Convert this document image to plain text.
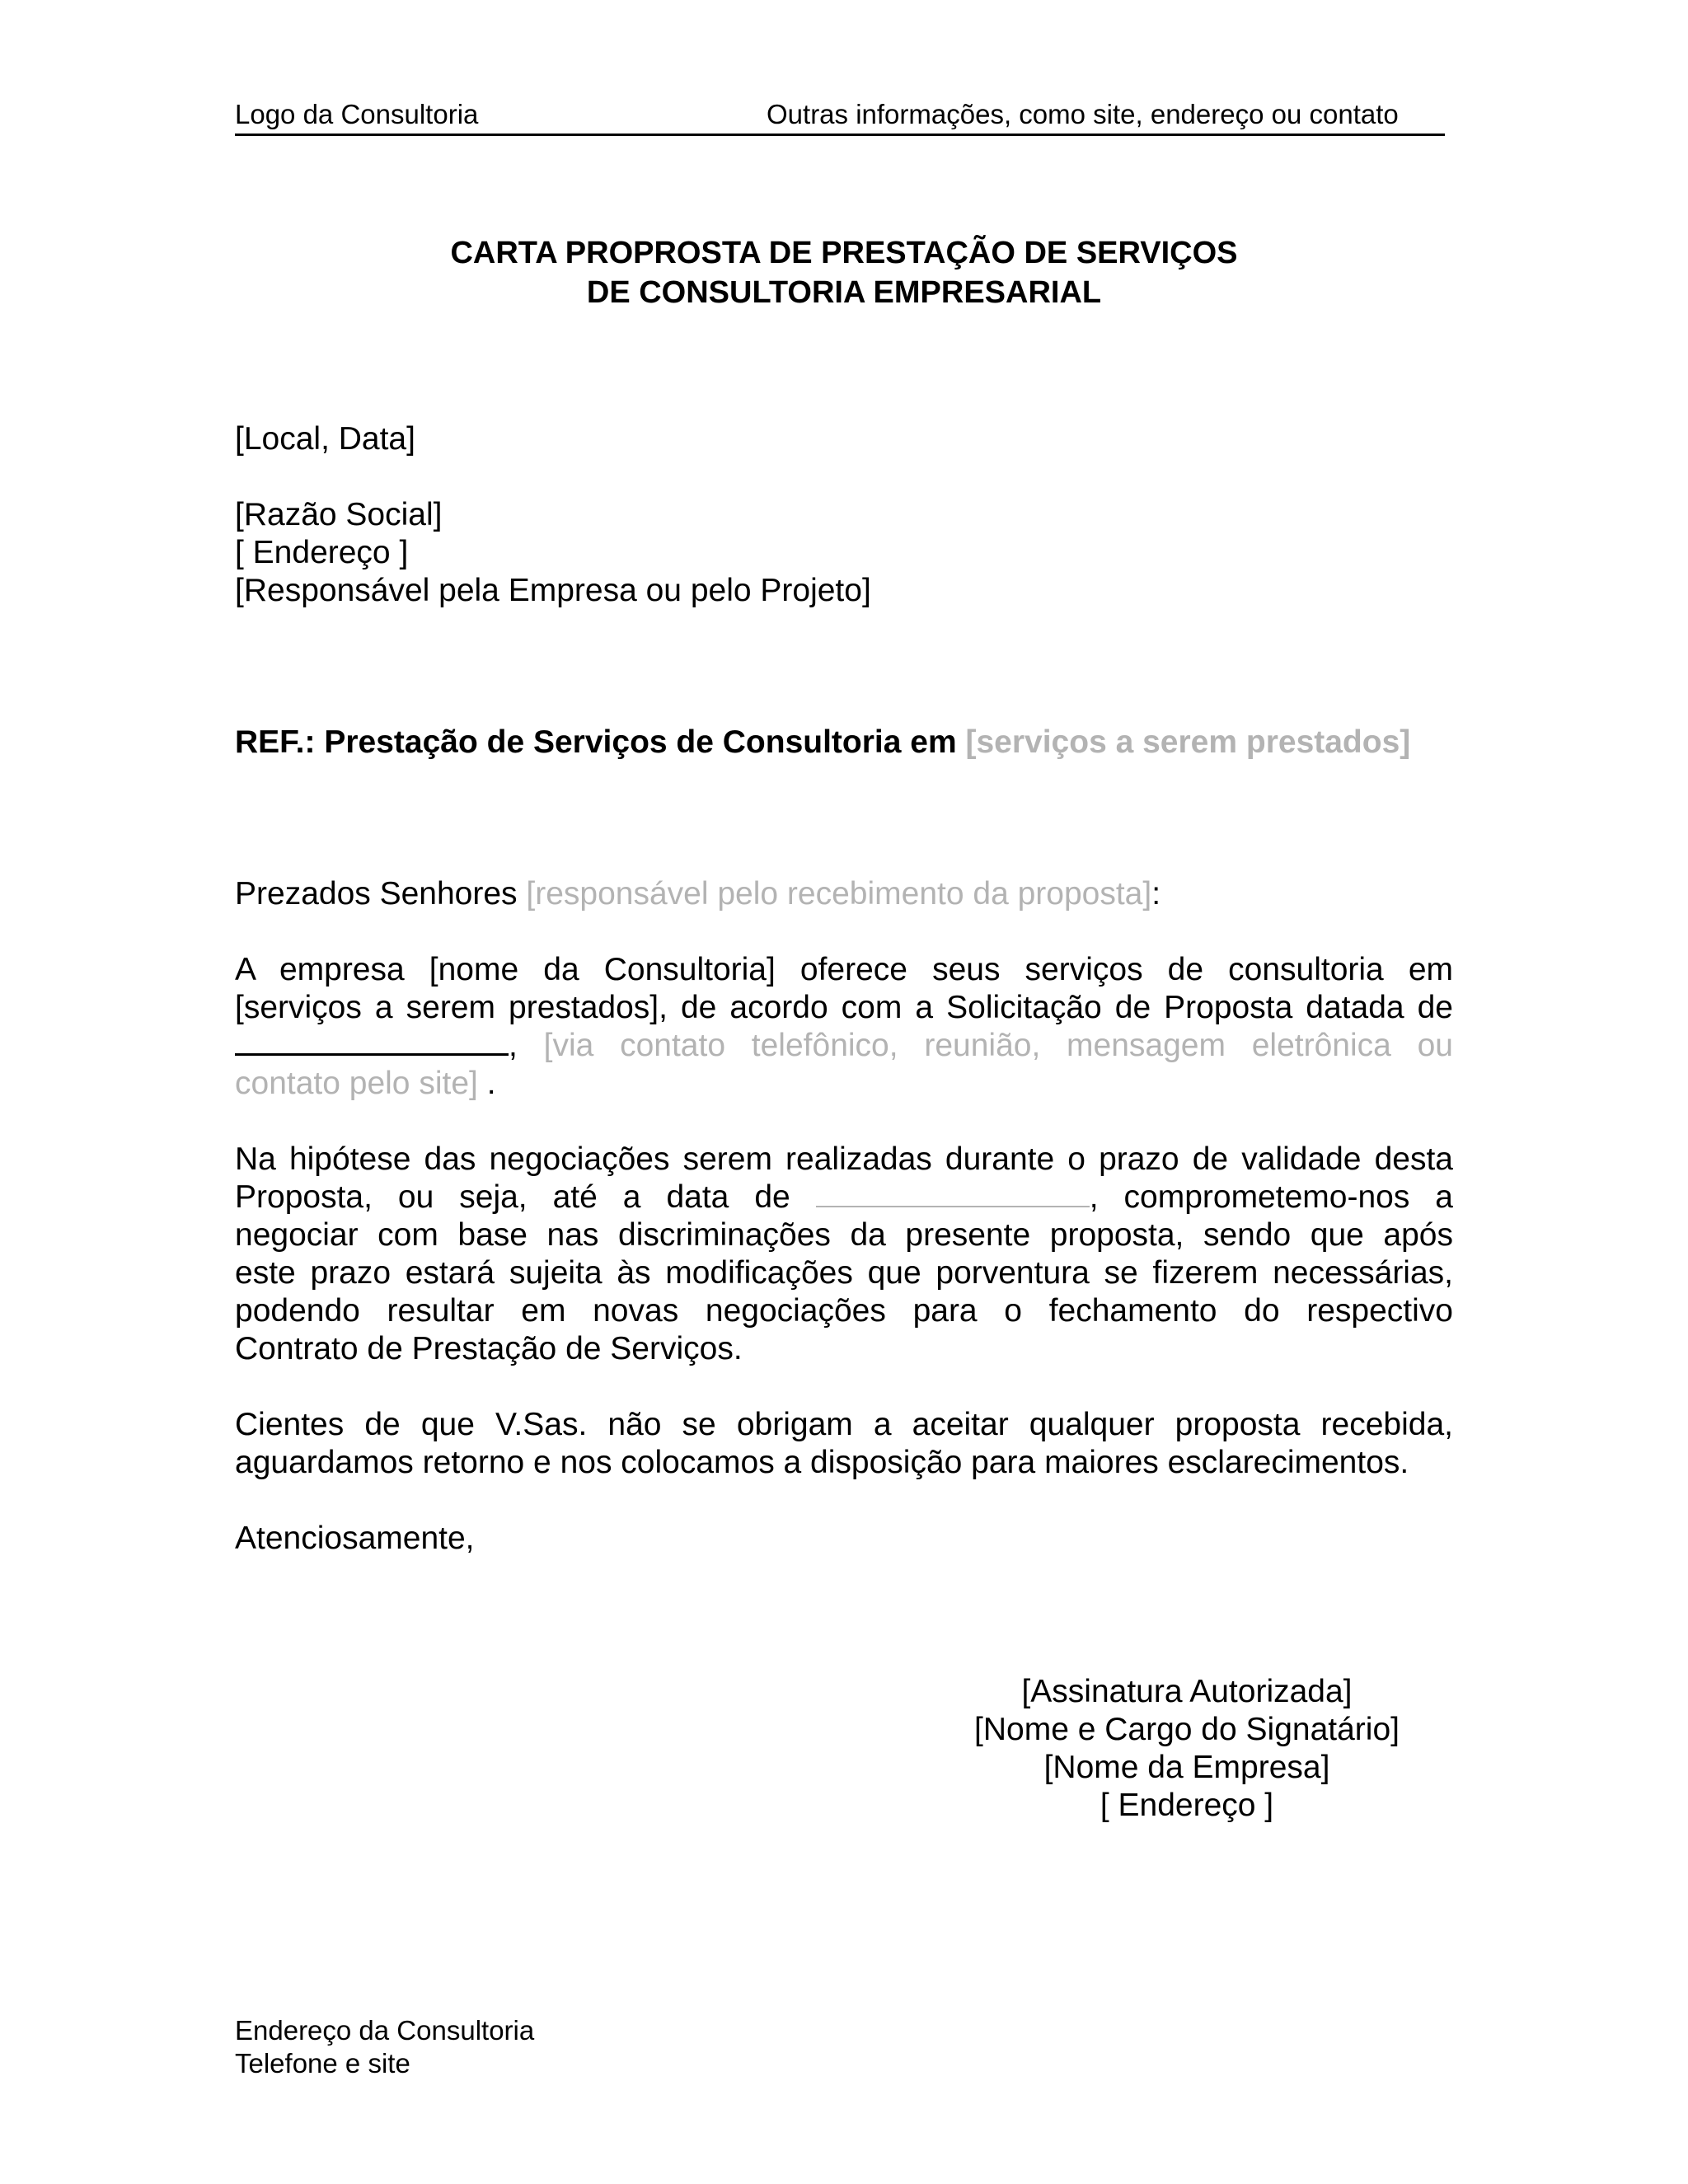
Logo da Consultoria	Outras informações, como site, endereço ou contato
CARTA PROPROSTA DE PRESTAÇÃO DE SERVIÇOS
DE CONSULTORIA EMPRESARIAL
[Local, Data]
[Razão Social]
[ Endereço ]
[Responsável pela Empresa ou pelo Projeto]
REF.: Prestação de Serviços de Consultoria em [serviços a serem prestados]
Prezados Senhores [responsável pelo recebimento da proposta]:
A empresa [nome da Consultoria] oferece seus serviços de consultoria em
[serviços a serem prestados], de acordo com a Solicitação de Proposta datada de
, [via contato telefônico, reunião, mensagem eletrônica ou
contato pelo site] .
Na hipótese das negociações serem realizadas durante o prazo de validade desta
Proposta, ou seja, até a data de	, comprometemo-nos a
negociar com base nas discriminações da presente proposta, sendo que após
este prazo estará sujeita às modificações que porventura se fizerem necessárias,
podendo resultar em novas negociações para o fechamento do respectivo
Contrato de Prestação de Serviços.
Cientes de que V.Sas. não se obrigam a aceitar qualquer proposta recebida,
aguardamos retorno e nos colocamos a disposição para maiores esclarecimentos.
Atenciosamente,
[Assinatura Autorizada]
[Nome e Cargo do Signatário]
[Nome da Empresa]
[ Endereço ]
Endereço da Consultoria
Telefone e site
